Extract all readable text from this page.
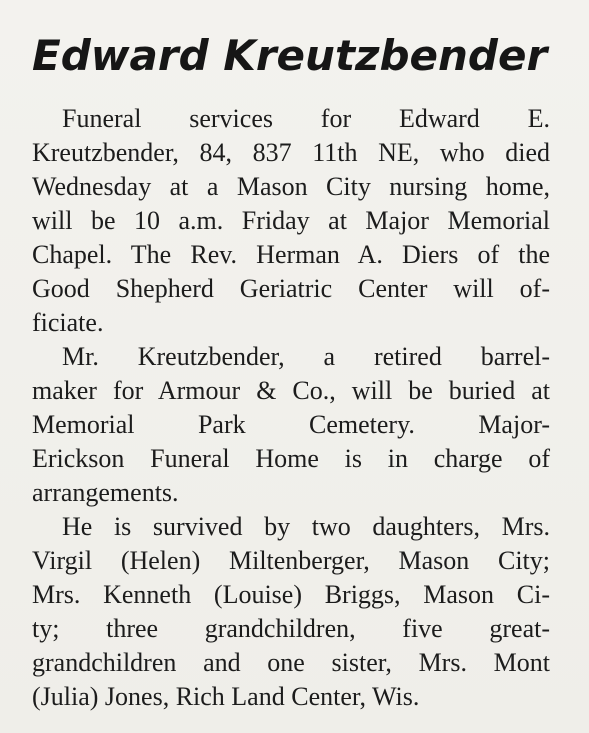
Edward Kreutzbender
Funeral services for Edward E.
Kreutzbender, 84, 837 11th NE, who died
Wednesday at a Mason City nursing home,
will be 10 a.m. Friday at Major Memorial
Chapel. The Rev. Herman A. Diers of the
Good Shepherd Geriatric Center will of-
ficiate.
Mr. Kreutzbender, a retired barrel-
maker for Armour & Co., will be buried at
Memorial Park Cemetery. Major-
Erickson Funeral Home is in charge of
arrangements.
He is survived by two daughters, Mrs.
Virgil (Helen) Miltenberger, Mason City;
Mrs. Kenneth (Louise) Briggs, Mason Ci-
ty; three grandchildren, five great-
grandchildren and one sister, Mrs. Mont
(Julia) Jones, Rich Land Center, Wis.
